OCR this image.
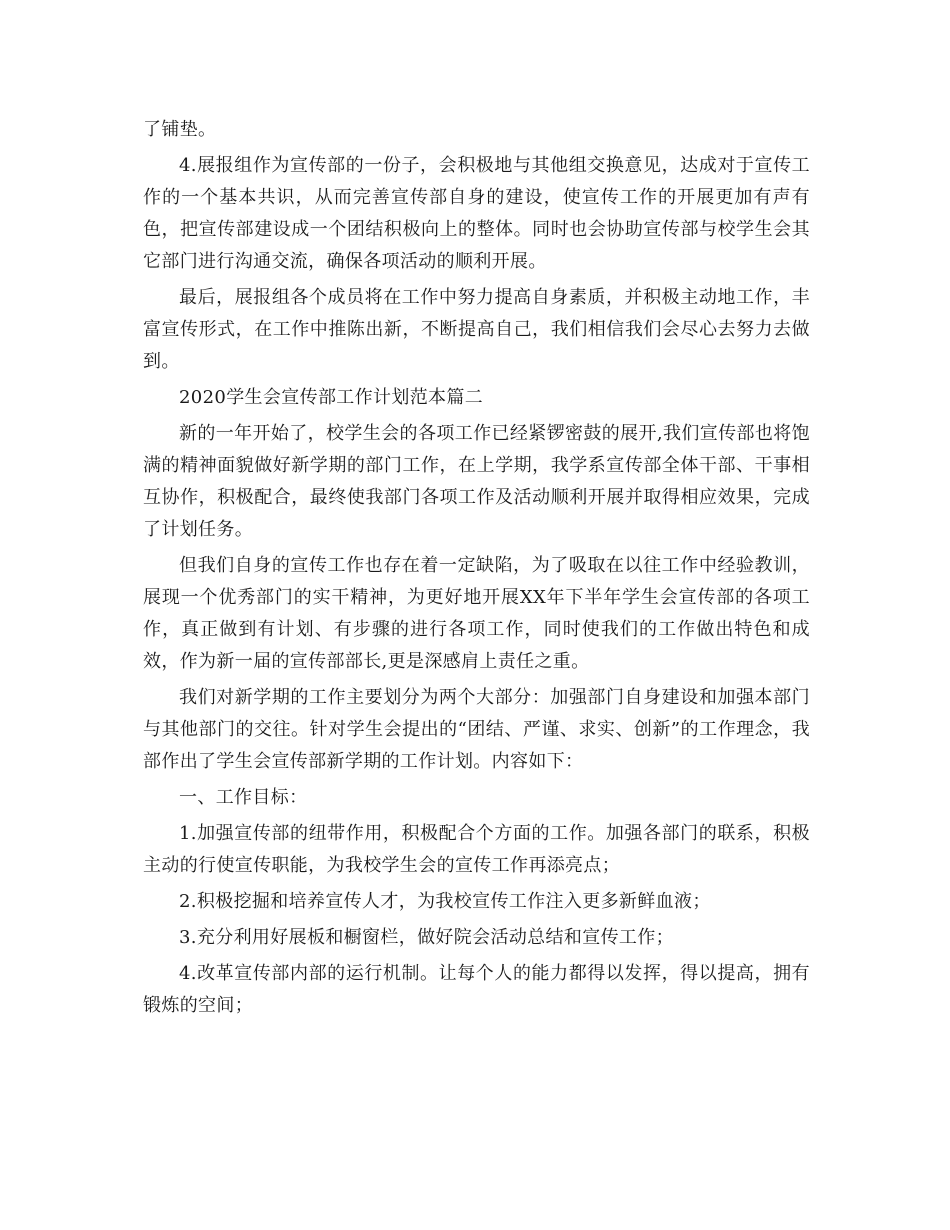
了铺垫。

4.展报组作为宣传部的一份子，会积极地与其他组交换意见，达成对于宣传工作的一个基本共识，从而完善宣传部自身的建设，使宣传工作的开展更加有声有色，把宣传部建设成一个团结积极向上的整体。同时也会协助宣传部与校学生会其它部门进行沟通交流，确保各项活动的顺利开展。

最后，展报组各个成员将在工作中努力提高自身素质，并积极主动地工作，丰富宣传形式，在工作中推陈出新，不断提高自己，我们相信我们会尽心去努力去做到。

2020学生会宣传部工作计划范本篇二

新的一年开始了，校学生会的各项工作已经紧锣密鼓的展开,我们宣传部也将饱满的精神面貌做好新学期的部门工作，在上学期，我学系宣传部全体干部、干事相互协作，积极配合，最终使我部门各项工作及活动顺利开展并取得相应效果，完成了计划任务。

但我们自身的宣传工作也存在着一定缺陷，为了吸取在以往工作中经验教训，展现一个优秀部门的实干精神，为更好地开展XX年下半年学生会宣传部的各项工作，真正做到有计划、有步骤的进行各项工作，同时使我们的工作做出特色和成效，作为新一届的宣传部部长,更是深感肩上责任之重。

我们对新学期的工作主要划分为两个大部分：加强部门自身建设和加强本部门与其他部门的交往。针对学生会提出的“团结、严谨、求实、创新”的工作理念，我部作出了学生会宣传部新学期的工作计划。内容如下：

一、工作目标：

1.加强宣传部的纽带作用，积极配合个方面的工作。加强各部门的联系，积极主动的行使宣传职能，为我校学生会的宣传工作再添亮点；

2.积极挖掘和培养宣传人才，为我校宣传工作注入更多新鲜血液；

3.充分利用好展板和橱窗栏，做好院会活动总结和宣传工作；

4.改革宣传部内部的运行机制。让每个人的能力都得以发挥，得以提高，拥有锻炼的空间；
